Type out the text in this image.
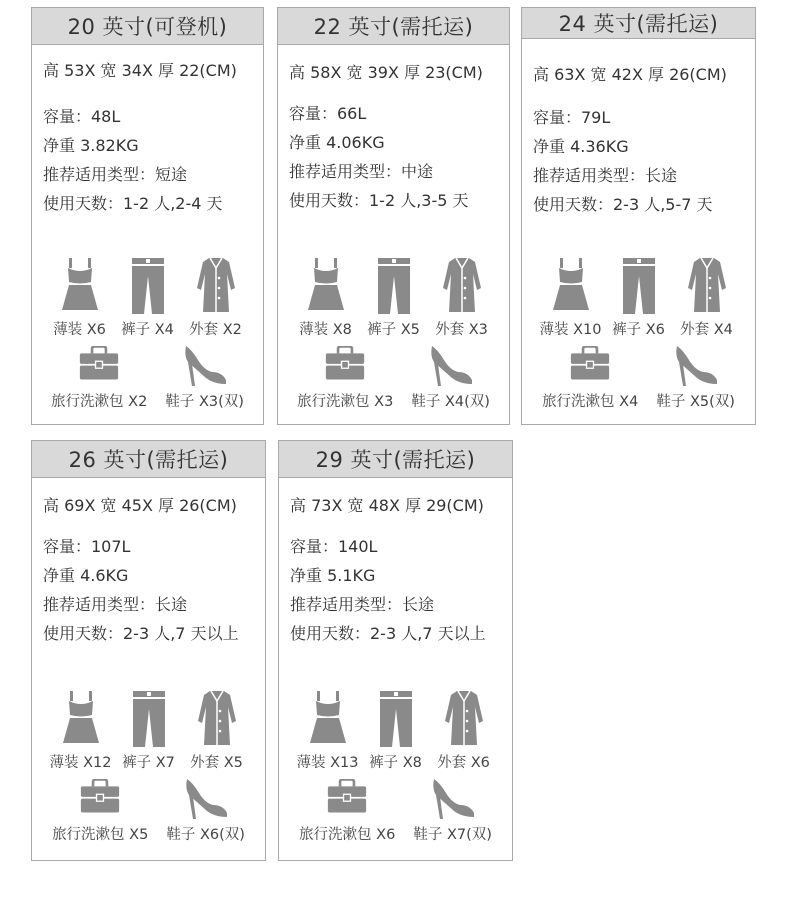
20 英寸(可登机)
高 53X 宽 34X 厚 22(CM)
容量：48L
净重 3.82KG
推荐适用类型：短途
使用天数：1-2 人,2-4 天
薄装 X6 裤子 X4 外套 X2
旅行洗漱包 X2 鞋子 X3(双)
22 英寸(需托运)
高 58X 宽 39X 厚 23(CM)
容量：66L
净重 4.06KG
推荐适用类型：中途
使用天数：1-2 人,3-5 天
薄装 X8 裤子 X5 外套 X3
旅行洗漱包 X3 鞋子 X4(双)
24 英寸(需托运)
高 63X 宽 42X 厚 26(CM)
容量：79L
净重 4.36KG
推荐适用类型：长途
使用天数：2-3 人,5-7 天
薄装 X10 裤子 X6 外套 X4
旅行洗漱包 X4 鞋子 X5(双)
26 英寸(需托运)
高 69X 宽 45X 厚 26(CM)
容量：107L
净重 4.6KG
推荐适用类型：长途
使用天数：2-3 人,7 天以上
薄装 X12 裤子 X7 外套 X5
旅行洗漱包 X5 鞋子 X6(双)
29 英寸(需托运)
高 73X 宽 48X 厚 29(CM)
容量：140L
净重 5.1KG
推荐适用类型：长途
使用天数：2-3 人,7 天以上
薄装 X13 裤子 X8 外套 X6
旅行洗漱包 X6 鞋子 X7(双)
